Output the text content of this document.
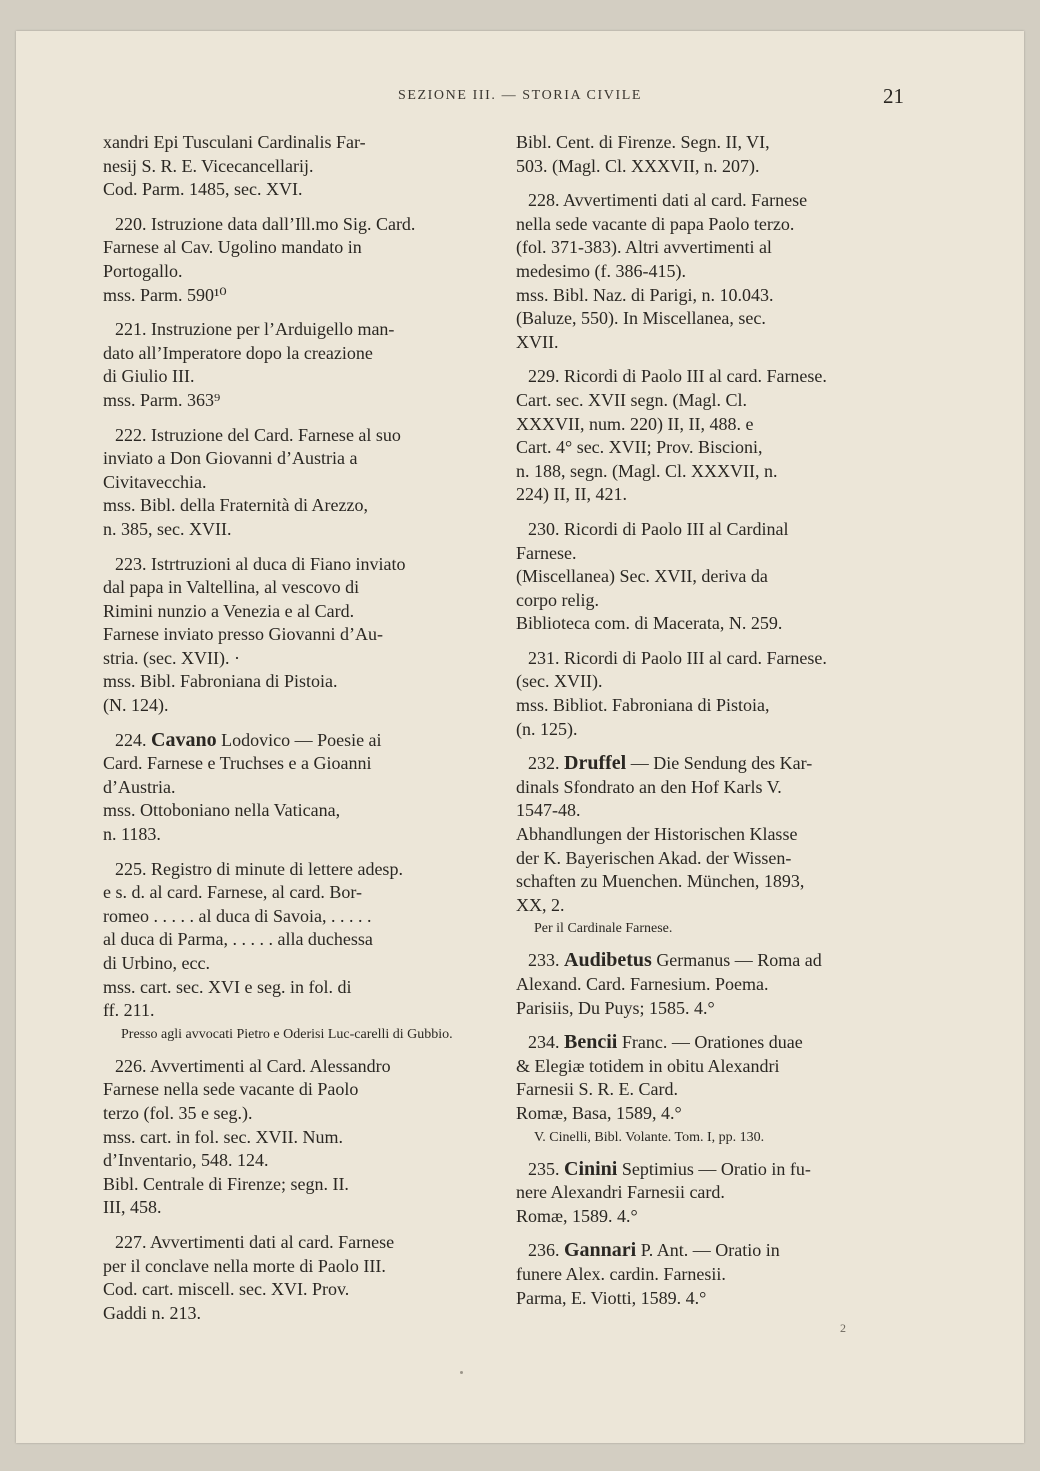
SEZIONE III. — STORIA CIVILE	21

xandri Epi Tusculani Cardinalis Far-

nesij S. R. E. Vicecancellarij.

Cod. Parm. 1485, sec. XVI.

220. Istruzione data dall’Ill.mo Sig. Card.

Farnese al Cav. Ugolino mandato in

Portogallo.

mss. Parm. 590¹⁰

221. Instruzione per l’Arduigello man-

dato all’Imperatore dopo la creazione

di Giulio III.

mss. Parm. 363⁹

222. Istruzione del Card. Farnese al suo

inviato a Don Giovanni d’Austria a

Civitavecchia.

mss. Bibl. della Fraternità di Arezzo,

n. 385, sec. XVII.

223. Istrtruzioni al duca di Fiano inviato

dal papa in Valtellina, al vescovo di

Rimini nunzio a Venezia e al Card.

Farnese inviato presso Giovanni d’Au-

stria. (sec. XVII). ·

mss. Bibl. Fabroniana di Pistoia.

(N. 124).

224. Cavano Lodovico — Poesie ai

Card. Farnese e Truchses e a Gioanni

d’Austria.

mss. Ottoboniano nella Vaticana,

n. 1183.

225. Registro di minute di lettere adesp.

e s. d. al card. Farnese, al card. Bor-

romeo . . . . . al duca di Savoia, . . . . .

al duca di Parma, . . . . . alla duchessa

di Urbino, ecc.

mss. cart. sec. XVI e seg. in fol. di

ff. 211.

Presso agli avvocati Pietro e Oderisi Luc-carelli di Gubbio.

226. Avvertimenti al Card. Alessandro

Farnese nella sede vacante di Paolo

terzo (fol. 35 e seg.).

mss. cart. in fol. sec. XVII. Num.

d’Inventario, 548. 124.

Bibl. Centrale di Firenze; segn. II.

III, 458.

227. Avvertimenti dati al card. Farnese

per il conclave nella morte di Paolo III.

Cod. cart. miscell. sec. XVI. Prov.

Gaddi n. 213.

Bibl. Cent. di Firenze. Segn. II, VI,

503. (Magl. Cl. XXXVII, n. 207).

228. Avvertimenti dati al card. Farnese

nella sede vacante di papa Paolo terzo.

(fol. 371-383). Altri avvertimenti al

medesimo (f. 386-415).

mss. Bibl. Naz. di Parigi, n. 10.043.

(Baluze, 550). In Miscellanea, sec.

XVII.

229. Ricordi di Paolo III al card. Farnese.

Cart. sec. XVII segn. (Magl. Cl.

XXXVII, num. 220) II, II, 488. e

Cart. 4° sec. XVII; Prov. Biscioni,

n. 188, segn. (Magl. Cl. XXXVII, n.

224) II, II, 421.

230. Ricordi di Paolo III al Cardinal

Farnese.

(Miscellanea) Sec. XVII, deriva da

corpo relig.

Biblioteca com. di Macerata, N. 259.

231. Ricordi di Paolo III al card. Farnese.

(sec. XVII).

mss. Bibliot. Fabroniana di Pistoia,

(n. 125).

232. Druffel — Die Sendung des Kar-

dinals Sfondrato an den Hof Karls V.

1547-48.

Abhandlungen der Historischen Klasse

der K. Bayerischen Akad. der Wissen-

schaften zu Muenchen. München, 1893,

XX, 2.

Per il Cardinale Farnese.

233. Audibetus Germanus — Roma ad

Alexand. Card. Farnesium. Poema.

Parisiis, Du Puys; 1585. 4.°

234. Bencii Franc. — Orationes duae

& Elegiæ totidem in obitu Alexandri

Farnesii S. R. E. Card.

Romæ, Basa, 1589, 4.°

V. Cinelli, Bibl. Volante. Tom. I, pp. 130.

235. Cinini Septimius — Oratio in fu-

nere Alexandri Farnesii card.

Romæ, 1589. 4.°

236. Gannari P. Ant. — Oratio in

funere Alex. cardin. Farnesii.

Parma, E. Viotti, 1589. 4.°

2
